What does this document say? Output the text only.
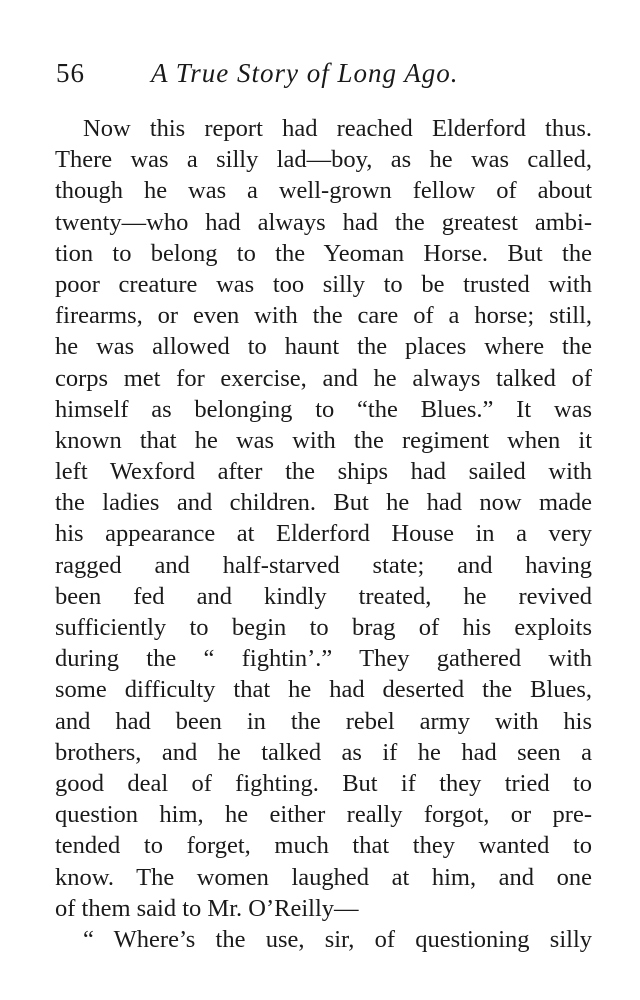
56 A True Story of Long Ago.
Now this report had reached Elderford thus.
There was a silly lad—boy, as he was called,
though he was a well-grown fellow of about
twenty—who had always had the greatest ambi-
tion to belong to the Yeoman Horse. But the
poor creature was too silly to be trusted with
firearms, or even with the care of a horse; still,
he was allowed to haunt the places where the
corps met for exercise, and he always talked of
himself as belonging to “the Blues.” It was
known that he was with the regiment when it
left Wexford after the ships had sailed with
the ladies and children. But he had now made
his appearance at Elderford House in a very
ragged and half-starved state; and having
been fed and kindly treated, he revived
sufficiently to begin to brag of his exploits
during the “ fightin’.” They gathered with
some difficulty that he had deserted the Blues,
and had been in the rebel army with his
brothers, and he talked as if he had seen a
good deal of fighting. But if they tried to
question him, he either really forgot, or pre-
tended to forget, much that they wanted to
know. The women laughed at him, and one
of them said to Mr. O’Reilly—
“ Where’s the use, sir, of questioning silly
